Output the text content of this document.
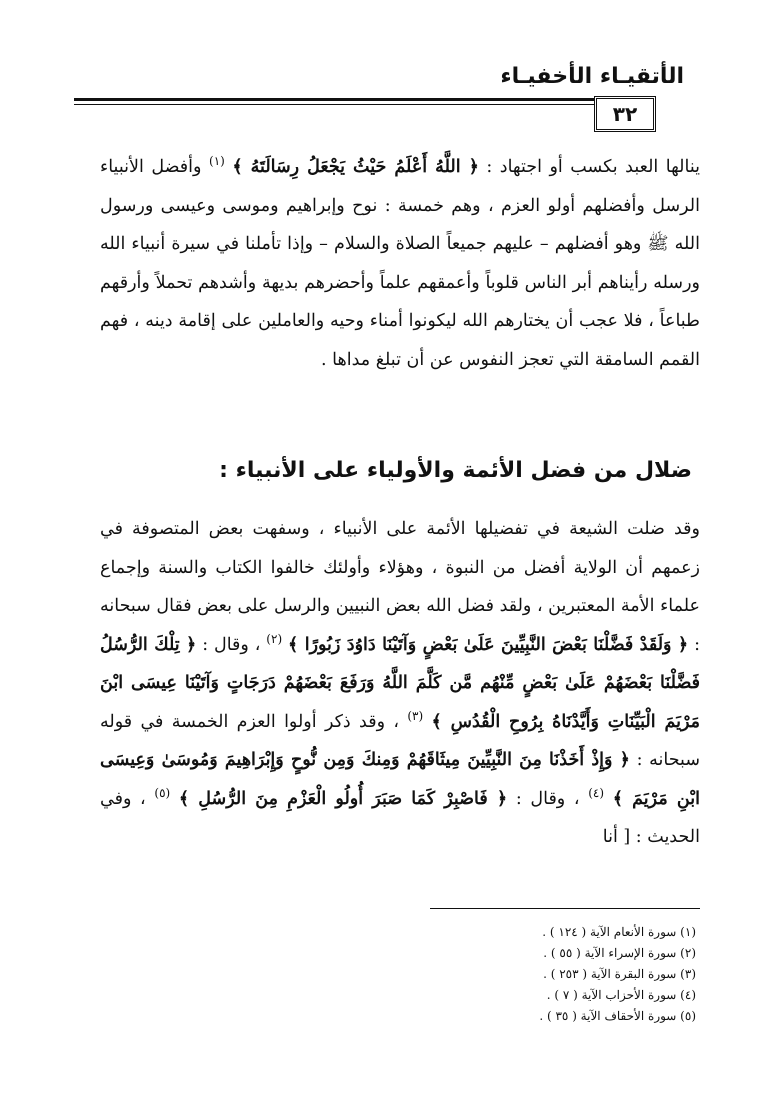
الأتقيـاء الأخفيـاء
٣٢
ينالها العبد بكسب أو اجتهاد : ﴿ اللَّهُ أَعْلَمُ حَيْثُ يَجْعَلُ رِسَالَتَهُ ﴾ $^{(١)}$ وأفضل الأنبياء الرسل وأفضلهم أولو العزم ، وهم خمسة : نوح وإبراهيم وموسى وعيسى ورسول الله ﷺ وهو أفضلهم – عليهم جميعاً الصلاة والسلام – وإذا تأملنا في سيرة أنبياء الله ورسله رأيناهم أبر الناس قلوباً وأعمقهم علماً وأحضرهم بديهة وأشدهم تحملاً وأرقهم طباعاً ، فلا عجب أن يختارهم الله ليكونوا أمناء وحيه والعاملين على إقامة دينه ، فهم القمم السامقة التي تعجز النفوس عن أن تبلغ مداها .
ضلال من فضل الأئمة والأولياء على الأنبياء :
وقد ضلت الشيعة في تفضيلها الأئمة على الأنبياء ، وسفهت بعض المتصوفة في زعمهم أن الولاية أفضل من النبوة ، وهؤلاء وأولئك خالفوا الكتاب والسنة وإجماع علماء الأمة المعتبرين ، ولقد فضل الله بعض النبيين والرسل على بعض فقال سبحانه : ﴿ وَلَقَدْ فَضَّلْنَا بَعْضَ النَّبِيِّينَ عَلَىٰ بَعْضٍ وَآتَيْنَا دَاوُدَ زَبُورًا ﴾ $^{(٢)}$ ، وقال : ﴿ تِلْكَ الرُّسُلُ فَضَّلْنَا بَعْضَهُمْ عَلَىٰ بَعْضٍ مِّنْهُم مَّن كَلَّمَ اللَّهُ وَرَفَعَ بَعْضَهُمْ دَرَجَاتٍ وَآتَيْنَا عِيسَى ابْنَ مَرْيَمَ الْبَيِّنَاتِ وَأَيَّدْنَاهُ بِرُوحِ الْقُدُسِ ﴾ $^{(٣)}$ ، وقد ذكر أولوا العزم الخمسة في قوله سبحانه : ﴿ وَإِذْ أَخَذْنَا مِنَ النَّبِيِّينَ مِيثَاقَهُمْ وَمِنكَ وَمِن نُّوحٍ وَإِبْرَاهِيمَ وَمُوسَىٰ وَعِيسَى ابْنِ مَرْيَمَ ﴾ $^{(٤)}$ ، وقال : ﴿ فَاصْبِرْ كَمَا صَبَرَ أُولُو الْعَزْمِ مِنَ الرُّسُلِ ﴾ $^{(٥)}$ ، وفي الحديث : [ أنا
(١) سورة الأنعام الآية ( ١٢٤ ) .
(٢) سورة الإسراء الآية ( ٥٥ ) .
(٣) سورة البقرة الآية ( ٢٥٣ ) .
(٤) سورة الأحزاب الآية ( ٧ ) .
(٥) سورة الأحقاف الآية ( ٣٥ ) .
